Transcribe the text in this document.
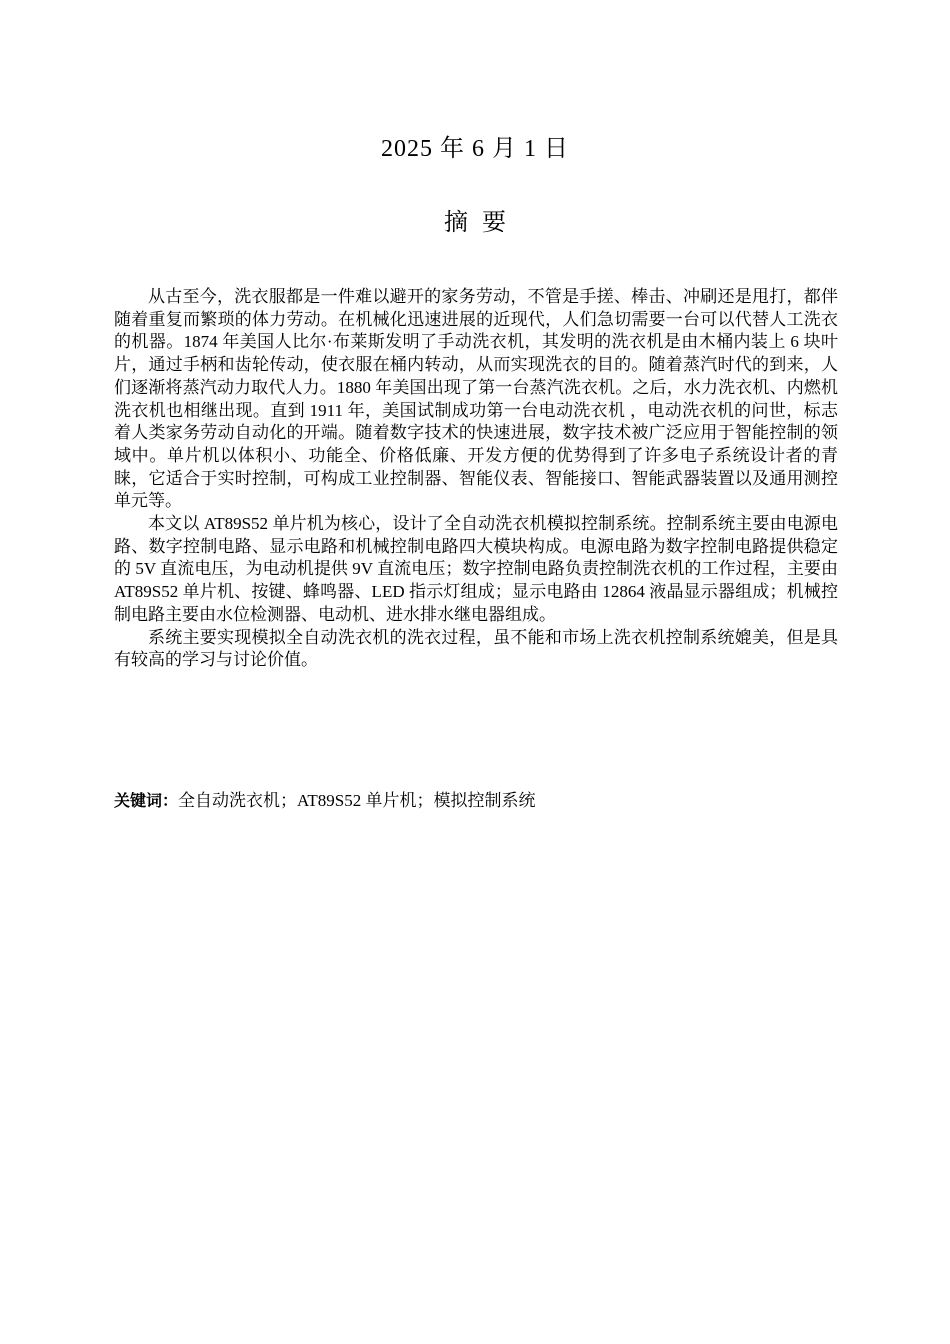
2025 年 6 月 1 日
摘要

从古至今，洗衣服都是一件难以避开的家务劳动，不管是手搓、棒击、冲刷还是甩打，都伴随着重复而繁琐的体力劳动。在机械化迅速进展的近现代，人们急切需要一台可以代替人工洗衣的机器。1874 年美国人比尔·布莱斯发明了手动洗衣机，其发明的洗衣机是由木桶内装上 6 块叶片，通过手柄和齿轮传动，使衣服在桶内转动，从而实现洗衣的目的。随着蒸汽时代的到来，人们逐渐将蒸汽动力取代人力。1880 年美国出现了第一台蒸汽洗衣机。之后，水力洗衣机、内燃机洗衣机也相继出现。直到 1911 年，美国试制成功第一台电动洗衣机 ，电动洗衣机的问世，标志着人类家务劳动自动化的开端。随着数字技术的快速进展，数字技术被广泛应用于智能控制的领域中。单片机以体积小、功能全、价格低廉、开发方便的优势得到了许多电子系统设计者的青睐，它适合于实时控制，可构成工业控制器、智能仪表、智能接口、智能武器装置以及通用测控单元等。

本文以 AT89S52 单片机为核心，设计了全自动洗衣机模拟控制系统。控制系统主要由电源电路、数字控制电路、显示电路和机械控制电路四大模块构成。电源电路为数字控制电路提供稳定的 5V 直流电压，为电动机提供 9V 直流电压；数字控制电路负责控制洗衣机的工作过程，主要由 AT89S52 单片机、按键、蜂鸣器、LED 指示灯组成；显示电路由 12864 液晶显示器组成；机械控制电路主要由水位检测器、电动机、进水排水继电器组成。

系统主要实现模拟全自动洗衣机的洗衣过程，虽不能和市场上洗衣机控制系统媲美，但是具有较高的学习与讨论价值。

关键词：全自动洗衣机；AT89S52 单片机；模拟控制系统
